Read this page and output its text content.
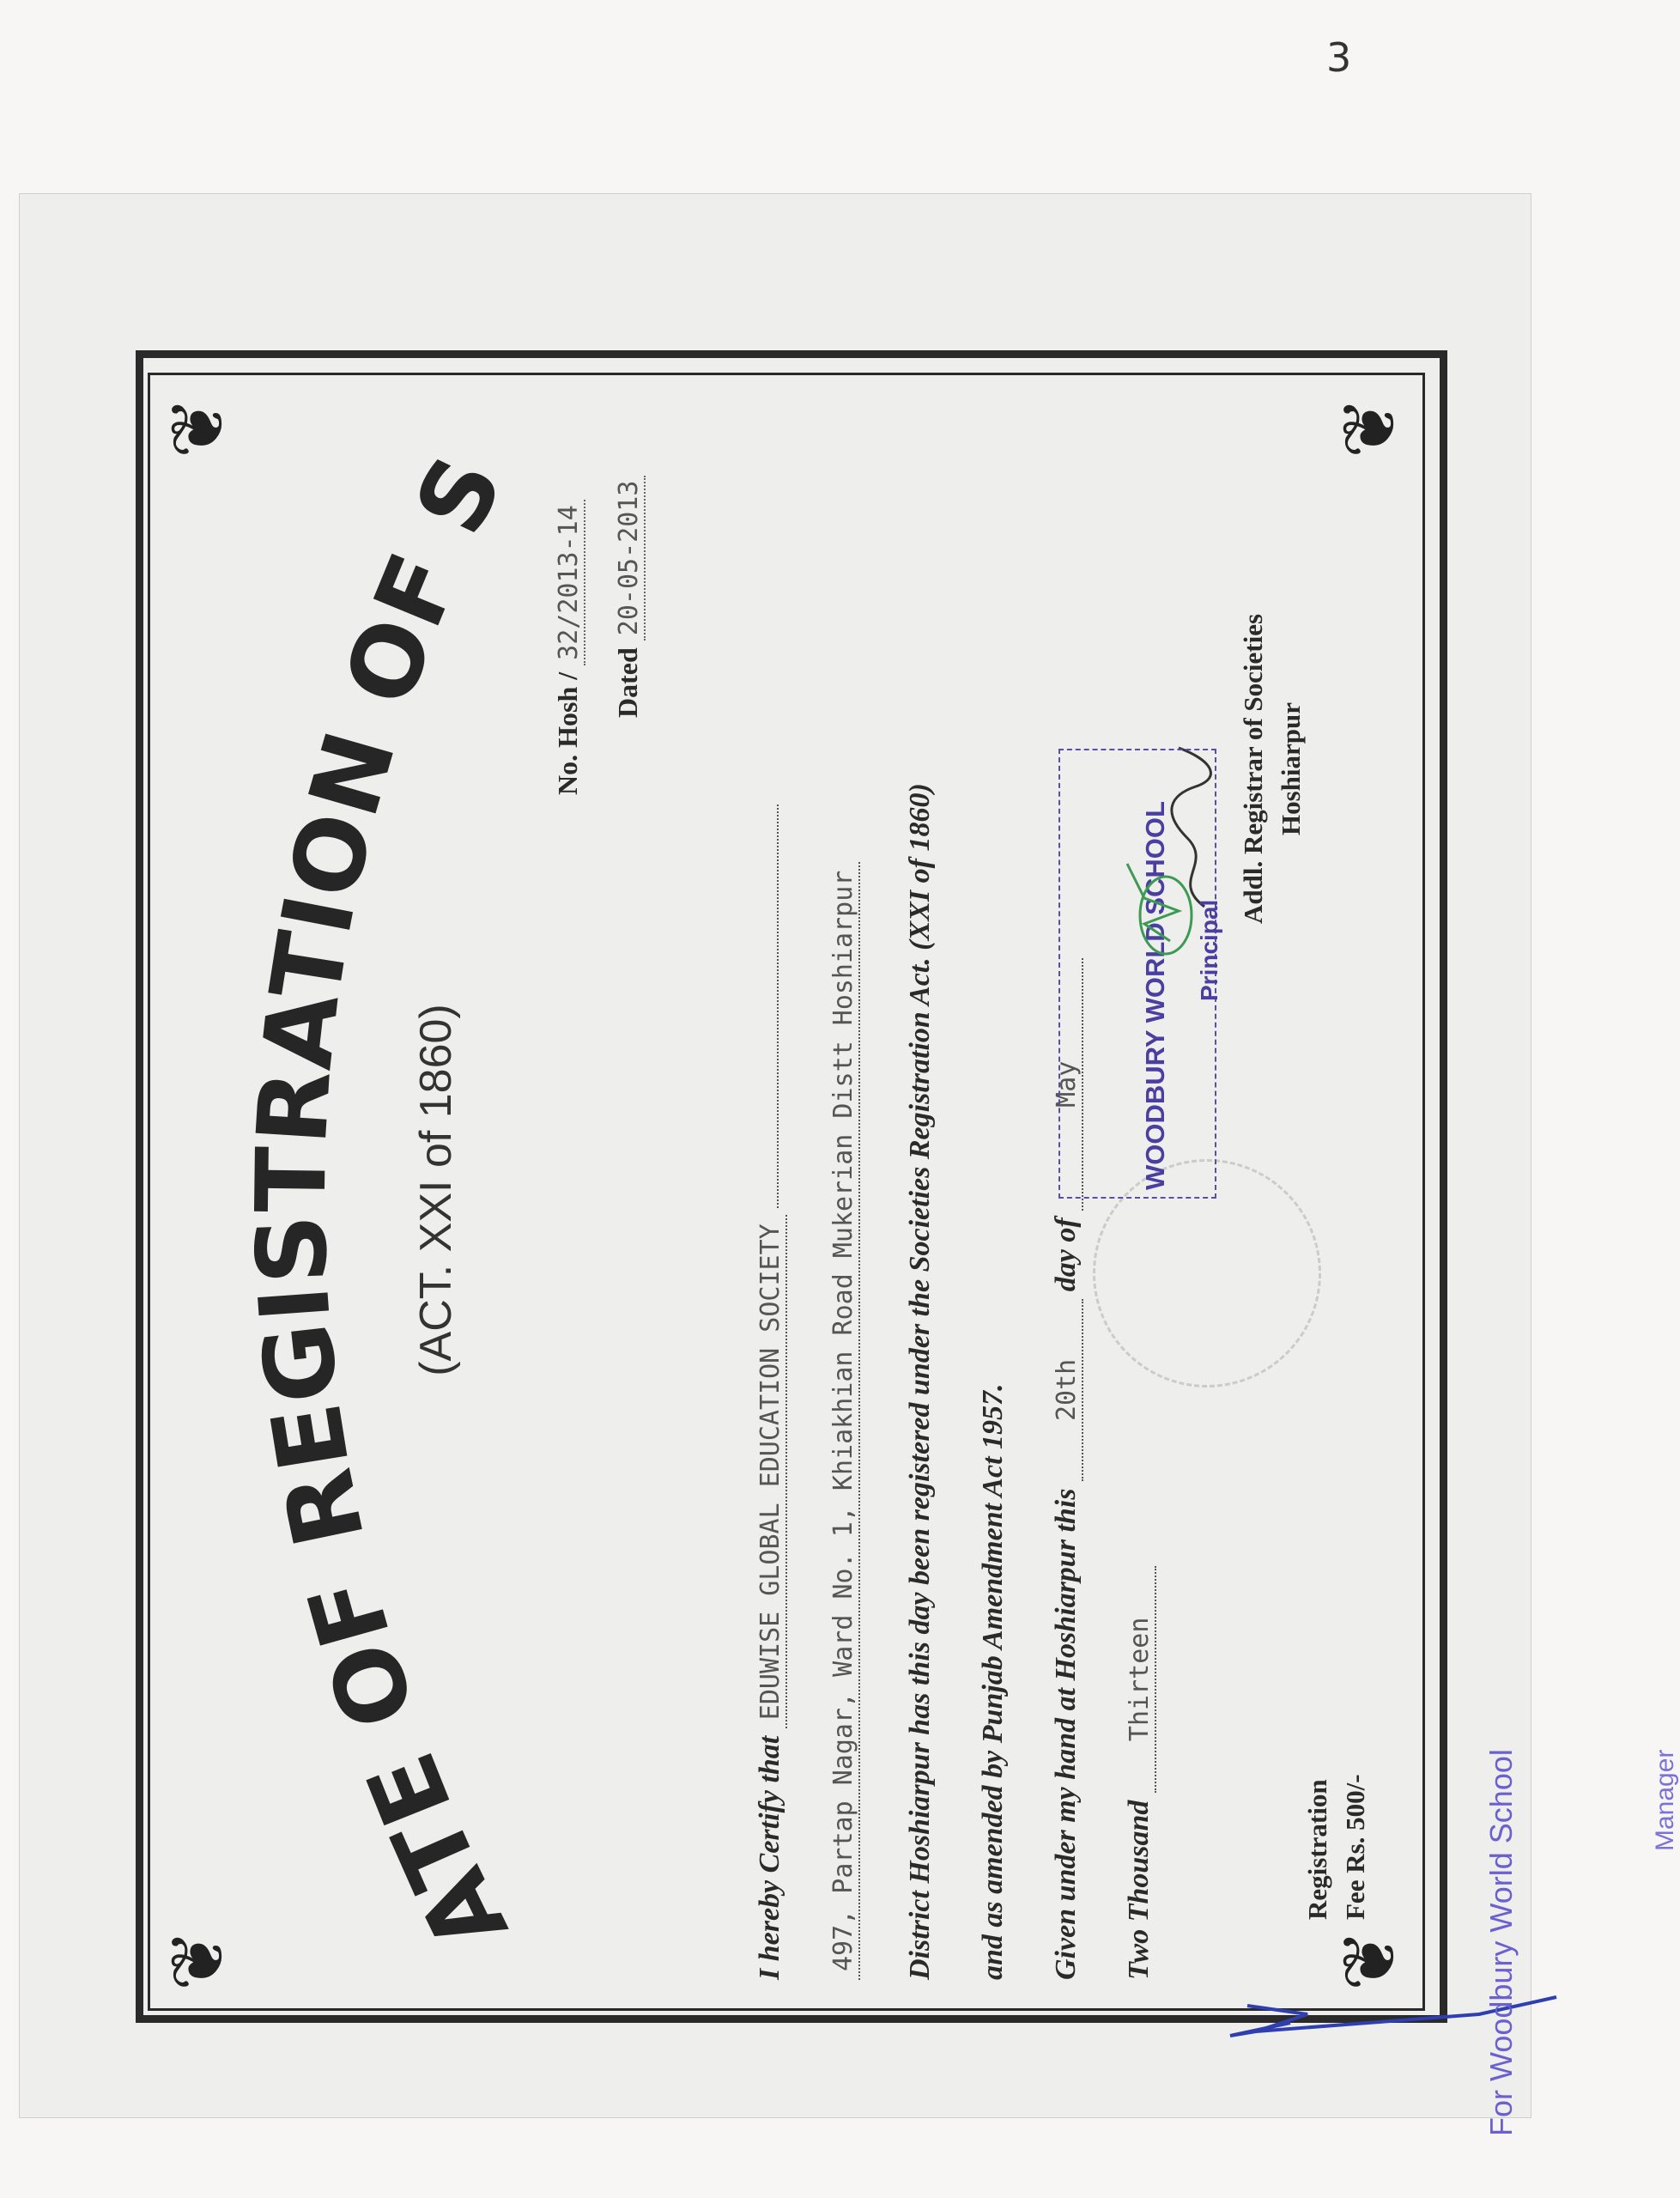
3
❦
❦
❦
❦
CERTIFICATE OF REGISTRATION OF SOCIETIES
(ACT. XXI of 1860)
No. Hosh / 32/2013-14
Dated 20-05-2013
I hereby Certify that EDUWISE GLOBAL EDUCATION SOCIETY 497, Partap Nagar, Ward No. 1, Khiakhian Road Mukerian Distt Hoshiarpur District Hoshiarpur has this day been registered under the Societies Registration Act. (XXI of 1860) and as amended by Punjab Amendment Act 1957. Given under my hand at Hoshiarpur this 20th day of May
Two Thousand Thirteen
Registration Fee Rs. 500/-
Addl. Registrar of Societies Hoshiarpur
WOODBURY WORLD SCHOOL Principal
For Woodbury World School	Manager
